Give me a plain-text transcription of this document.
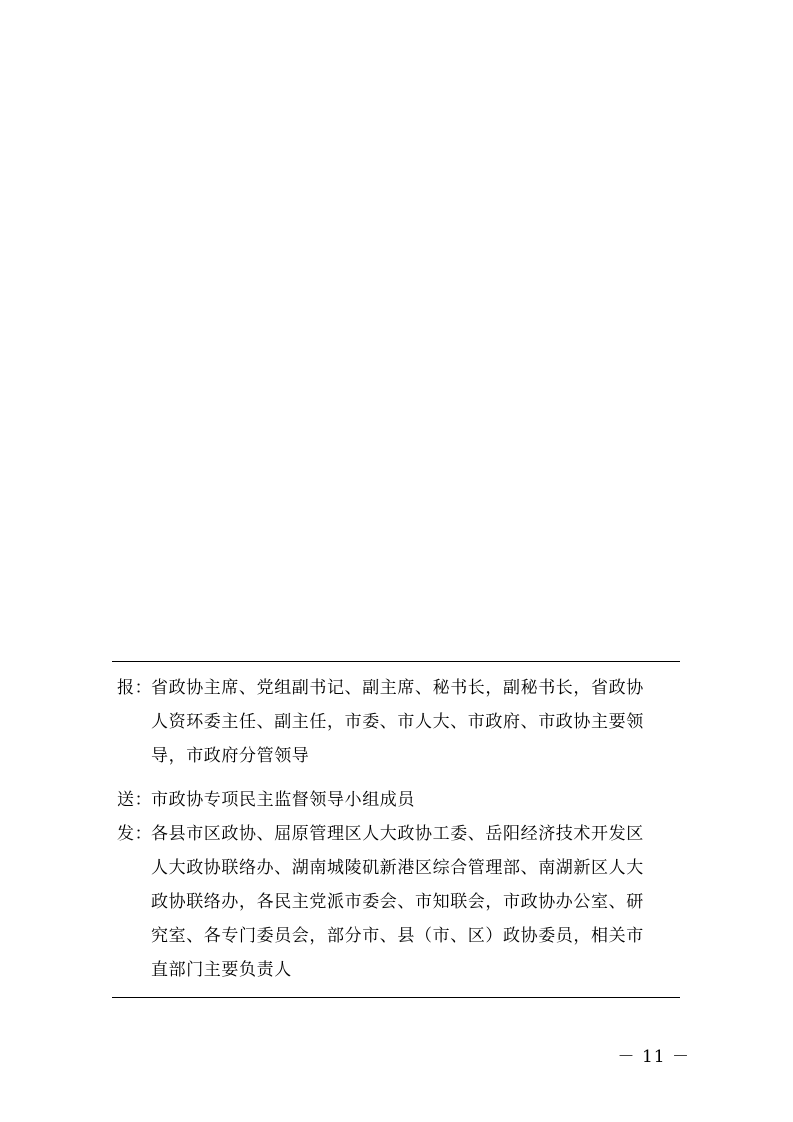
报：
省政协主席、党组副书记、副主席、秘书长，副秘书长，省政协
人资环委主任、副主任，市委、市人大、市政府、市政协主要领
导，市政府分管领导
送：
市政协专项民主监督领导小组成员
发：
各县市区政协、屈原管理区人大政协工委、岳阳经济技术开发区
人大政协联络办、湖南城陵矶新港区综合管理部、南湖新区人大
政协联络办，各民主党派市委会、市知联会，市政协办公室、研
究室、各专门委员会，部分市、县（市、区）政协委员，相关市
直部门主要负责人
－ 11 －
